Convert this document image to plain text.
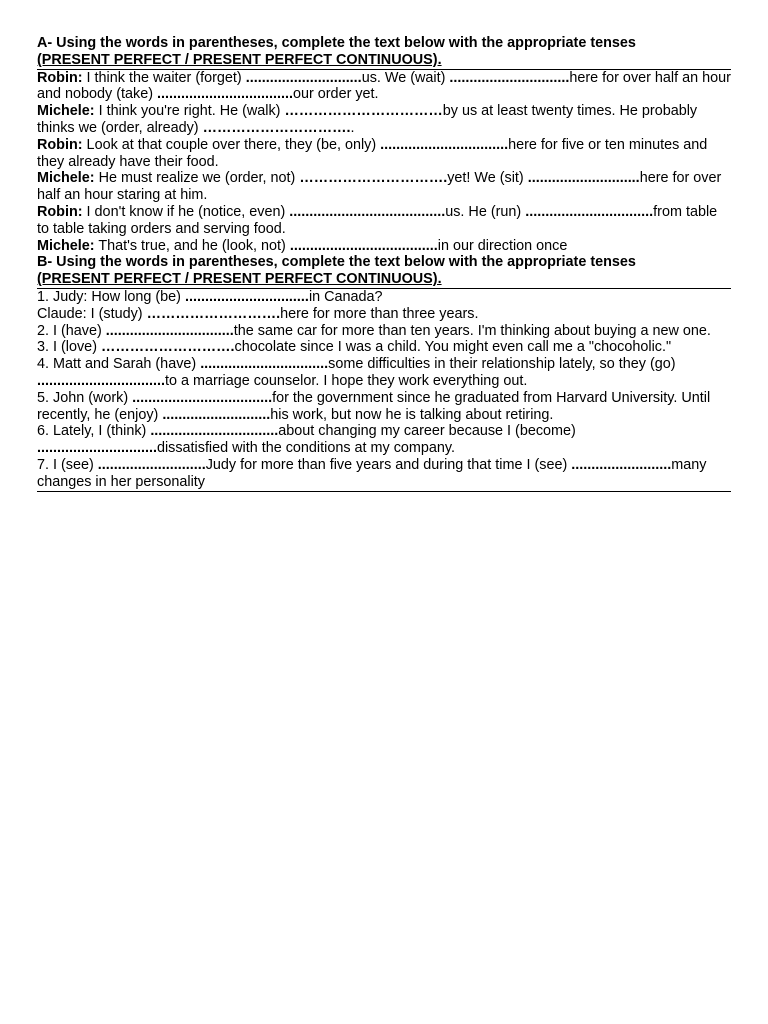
A- Using the words in parentheses, complete the text below with the appropriate tenses
(PRESENT PERFECT / PRESENT PERFECT CONTINUOUS).
Robin: I think the waiter (forget) .............................us. We (wait) ..............................here for over half an hour and nobody (take) ..................................our order yet.
Michele: I think you're right. He (walk) ……………………………by us at least twenty times. He probably thinks we (order, already) …………………………..
Robin: Look at that couple over there, they (be, only) ................................here for five or ten minutes and they already have their food.
Michele: He must realize we (order, not) ………………………….yet! We (sit) ............................here for over half an hour staring at him.
Robin: I don't know if he (notice, even) .......................................us. He (run) ................................from table to table taking orders and serving food.
Michele: That's true, and he (look, not) .....................................in our direction once
B- Using the words in parentheses, complete the text below with the appropriate tenses
(PRESENT PERFECT / PRESENT PERFECT CONTINUOUS).
1. Judy: How long (be) ...............................in Canada?
Claude: I (study) ……………………….here for more than three years.
2. I (have) ................................the same car for more than ten years. I'm thinking about buying a new one.
3. I (love) ……………………….chocolate since I was a child. You might even call me a "chocoholic."
4. Matt and Sarah (have) ................................some difficulties in their relationship lately, so they (go) ................................to a marriage counselor. I hope they work everything out.
5. John (work) ...................................for the government since he graduated from Harvard University. Until recently, he (enjoy) ...........................his work, but now he is talking about retiring.
6. Lately, I (think) ................................about changing my career because I (become) ..............................dissatisfied with the conditions at my company.
7. I (see) ...........................Judy for more than five years and during that time I (see) .........................many changes in her personality
